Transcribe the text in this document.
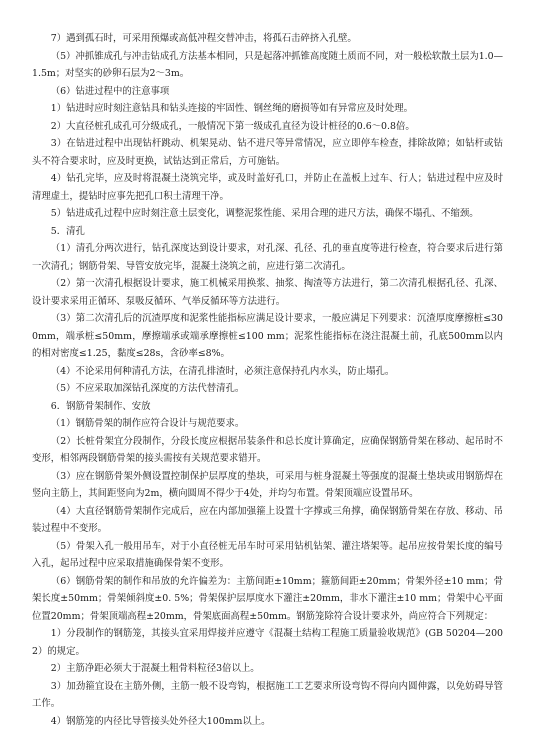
7）遇到孤石时，可采用预爆或高低冲程交替冲击，将孤石击碎挤入孔壁。

（5）冲抓锥成孔与冲击钻成孔方法基本相同，只是起落冲抓锥高度随土质而不同，对一般松软散土层为1.0—1.5m；对坚实的砂卵石层为2～3m。

（6）钻进过程中的注意事项

1）钻进时应时刻注意钻具和钻头连接的牢固性、钢丝绳的磨损等如有异常应及时处理。

2）大直径桩孔成孔可分级成孔，一般情况下第一级成孔直径为设计桩径的0.6～0.8倍。

3）在钻进过程中出现钻杆跳动、机架晃动、钻不进尺等异常情况，应立即停车检查，排除故障；如钻杆或钻头不符合要求时，应及时更换，试钻达到正常后，方可施钻。

4）钻孔完毕，应及时将混凝土浇筑完毕，或及时盖好孔口，并防止在盖板上过车、行人；钻进过程中应及时清理虚土，提钻时应事先把孔口积土清理干净。

5）钻进成孔过程中应时刻注意土层变化，调整泥浆性能、采用合理的进尺方法，确保不塌孔、不缩颈。

5．清孔

（1）清孔分两次进行，钻孔深度达到设计要求，对孔深、孔径、孔的垂直度等进行检查，符合要求后进行第一次清孔；钢筋骨架、导管安放完毕，混凝土浇筑之前，应进行第二次清孔。

（2）第一次清孔根据设计要求，施工机械采用换浆、抽浆、掏渣等方法进行，第二次清孔根据孔径、孔深、设计要求采用正循环、泵吸反循环、气举反循环等方法进行。

（3）第二次清孔后的沉渣厚度和泥浆性能指标应满足设计要求，一般应满足下列要求：沉渣厚度摩擦桩≤300mm，端承桩≤50mm，摩擦端承或端承摩擦桩≤100 mm；泥浆性能指标在浇注混凝土前，孔底500mm以内的相对密度≤1.25，黏度≤28s，含砂率≤8%。

（4）不论采用何种清孔方法，在清孔排渣时，必须注意保持孔内水头，防止塌孔。

（5）不应采取加深钻孔深度的方法代替清孔。

6．钢筋骨架制作、安放

（1）钢筋骨架的制作应符合设计与规范要求。

（2）长桩骨架宜分段制作，分段长度应根据吊装条件和总长度计算确定，应确保钢筋骨架在移动、起吊时不变形，相邻两段钢筋骨架的接头需按有关规范要求错开。

（3）应在钢筋骨架外侧设置控制保护层厚度的垫块，可采用与桩身混凝土等强度的混凝土垫块或用钢筋焊在竖向主筋上，其间距竖向为2m，横向圆周不得少于4处，并均匀布置。骨架顶端应设置吊环。

（4）大直径钢筋骨架制作完成后，应在内部加强箍上设置十字撑或三角撑，确保钢筋骨架在存放、移动、吊装过程中不变形。

（5）骨架入孔一般用吊车，对于小直径桩无吊车时可采用钻机钻架、灌注塔架等。起吊应按骨架长度的编号入孔，起吊过程中应采取措施确保骨架不变形。

（6）钢筋骨架的制作和吊放的允许偏差为：主筋间距±10mm；箍筋间距±20mm；骨架外径±10 mm；骨架长度±50mm；骨架倾斜度±0. 5%；骨架保护层厚度水下灌注±20mm，非水下灌注±10 mm；骨架中心平面位置20mm；骨架顶端高程±20mm，骨架底面高程±50mm。钢筋笼除符合设计要求外，尚应符合下列规定：

1）分段制作的钢筋笼，其接头宜采用焊接并应遵守《混凝土结构工程施工质量验收规范》(GB 50204—2002）的规定。

2）主筋净距必须大于混凝土粗骨料粒径3倍以上。

3）加劲箍宜设在主筋外侧，主筋一般不设弯钩，根据施工工艺要求所设弯钩不得向内圆伸露，以免妨碍导管工作。

4）钢筋笼的内径比导管接头处外径大100mm以上。
